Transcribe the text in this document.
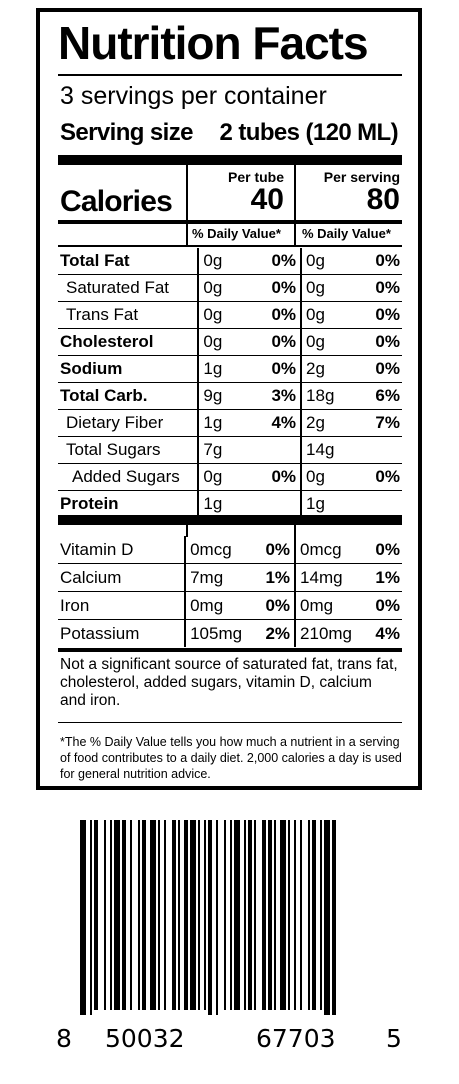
Nutrition Facts
3 servings per container
Serving size 2 tubes (120 ML)
Calories
Per tube
40
Per serving
80
% Daily Value* % Daily Value*
Total Fat	0g	0%	0g	0%
Saturated Fat	0g	0%	0g	0%
Trans Fat	0g	0%	0g	0%
Cholesterol	0g	0%	0g	0%
Sodium	1g	0%	2g	0%
Total Carb.	9g	3%	18g	6%
Dietary Fiber	1g	4%	2g	7%
Total Sugars	7g		14g	
Added Sugars	0g	0%	0g	0%
Protein	1g		1g	
Vitamin D	0mcg	0%	0mcg	0%
Calcium	7mg	1%	14mg	1%
Iron	0mg	0%	0mg	0%
Potassium	105mg	2%	210mg	4%
Not a significant source of saturated fat, trans fat, cholesterol, added sugars, vitamin D, calcium and iron.
*The % Daily Value tells you how much a nutrient in a serving of food contributes to a daily diet. 2,000 calories a day is used for general nutrition advice.
8 50032	67703 5
